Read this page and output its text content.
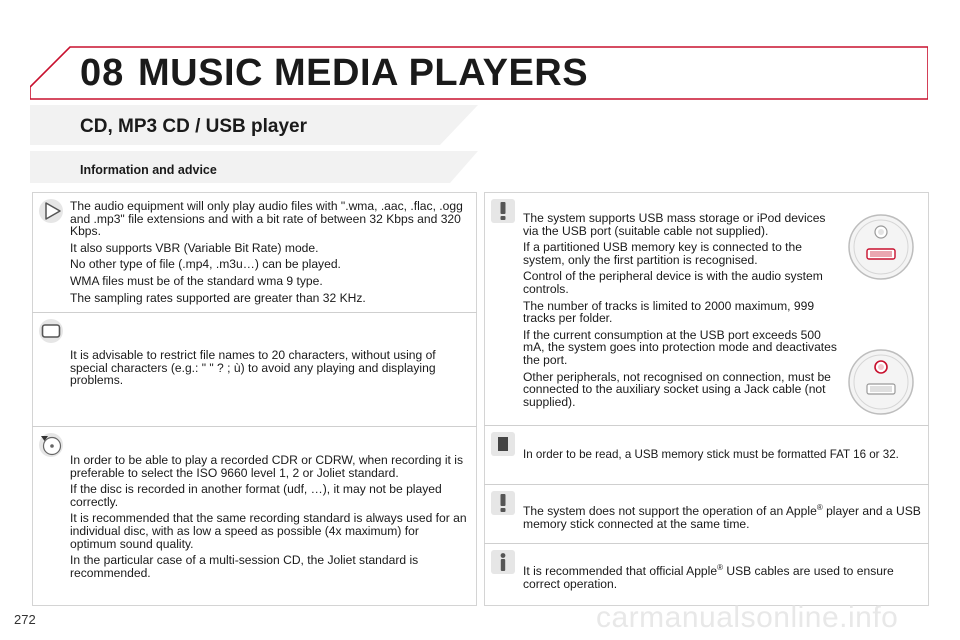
08 MUSIC MEDIA PLAYERS
CD, MP3 CD / USB player
Information and advice

The audio equipment will only play audio files with ".wma, .aac, .flac, .ogg and .mp3" file extensions and with a bit rate of between 32 Kbps and 320 Kbps.

It also supports VBR (Variable Bit Rate) mode.

No other type of file (.mp4, .m3u…) can be played.

WMA files must be of the standard wma 9 type.

The sampling rates supported are greater than 32 KHz.

It is advisable to restrict file names to 20 characters, without using of special characters (e.g.: " " ? ; ù) to avoid any playing and displaying problems.

In order to be able to play a recorded CDR or CDRW, when recording it is preferable to select the ISO 9660 level 1, 2 or Joliet standard.

If the disc is recorded in another format (udf, …), it may not be played correctly.

It is recommended that the same recording standard is always used for an individual disc, with as low a speed as possible (4x maximum) for optimum sound quality.

In the particular case of a multi-session CD, the Joliet standard is recommended.

The system supports USB mass storage or iPod devices via the USB port (suitable cable not supplied).

If a partitioned USB memory key is connected to the system, only the first partition is recognised.

Control of the peripheral device is with the audio system controls.

The number of tracks is limited to 2000 maximum, 999 tracks per folder.

If the current consumption at the USB port exceeds 500 mA, the system goes into protection mode and deactivates the port.

Other peripherals, not recognised on connection, must be connected to the auxiliary socket using a Jack cable (not supplied).

In order to be read, a USB memory stick must be formatted FAT 16 or 32.
The system does not support the operation of an Apple® player and a USB memory stick connected at the same time.
It is recommended that official Apple® USB cables are used to ensure correct operation.
272	carmanualsonline.info
